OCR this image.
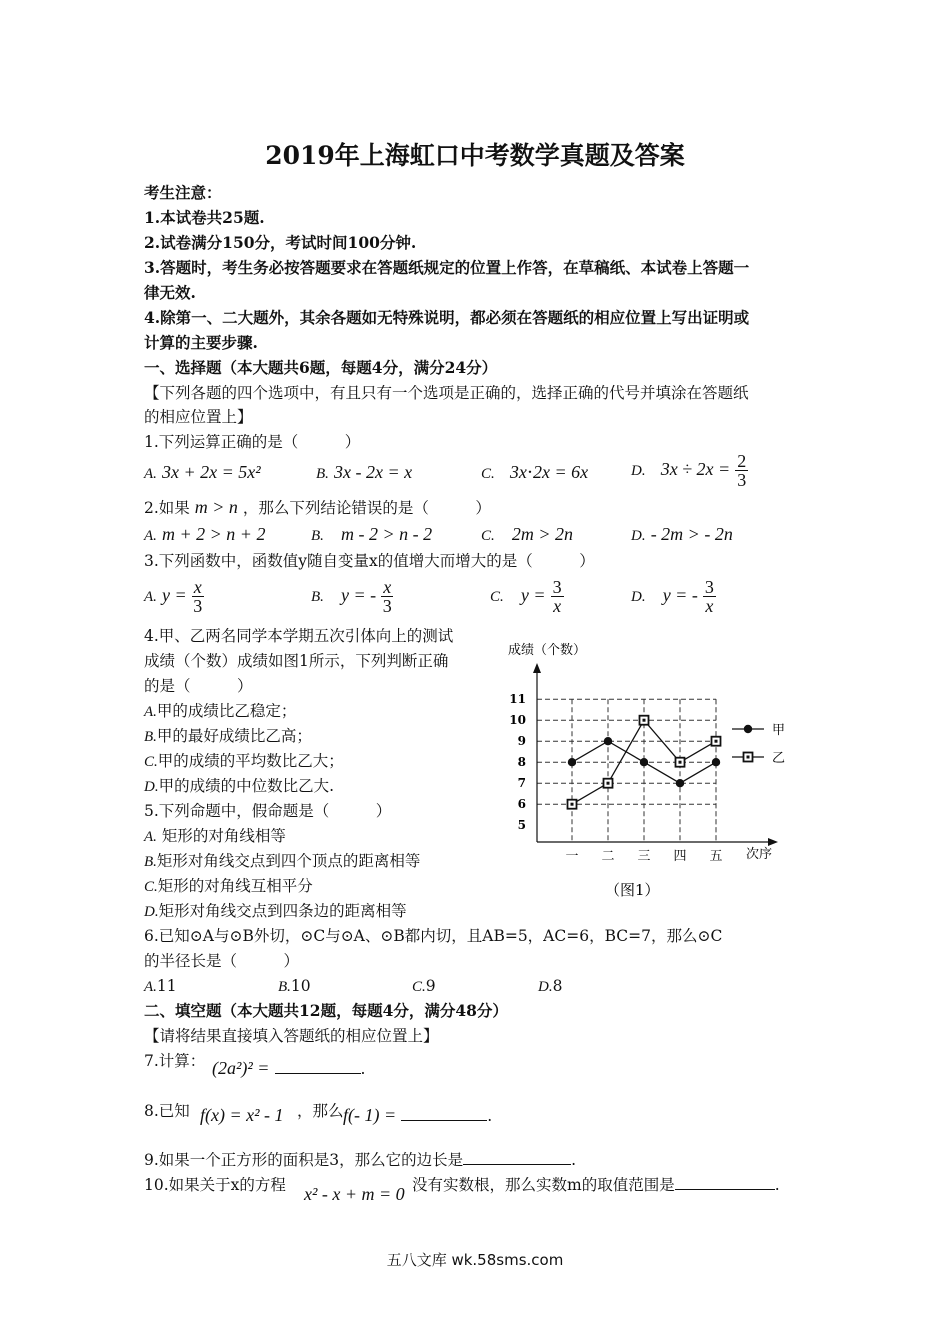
2019年上海虹口中考数学真题及答案
考生注意：
1.本试卷共25题.
2.试卷满分150分，考试时间100分钟.
3.答题时，考生务必按答题要求在答题纸规定的位置上作答，在草稿纸、本试卷上答题一
律无效.
4.除第一、二大题外，其余各题如无特殊说明，都必须在答题纸的相应位置上写出证明或
计算的主要步骤.
一、选择题（本大题共6题，每题4分，满分24分）
【下列各题的四个选项中，有且只有一个选项是正确的，选择正确的代号并填涂在答题纸
的相应位置上】
1.下列运算正确的是（　　　）
A. 3x + 2x = 5x²	B. 3x - 2x = x	C. 3x⋅2x = 6x	D. $3x \div 2x = \frac{2}{3}$
2.如果 m > n ，那么下列结论错误的是（　　　）
A. m + 2 > n + 2	B. m - 2 > n - 2	C. 2m > 2n	D. - 2m > - 2n
3.下列函数中，函数值y随自变量x的值增大而增大的是（　　　）
A. $y = \frac{x}{3}$	B. y = - $\frac{x}{3}$	C. $y = \frac{3}{x}$	D. y = - $\frac{3}{x}$
4.甲、乙两名同学本学期五次引体向上的测试
成绩（个数）成绩如图1所示，下列判断正确
的是（　　　）
A.甲的成绩比乙稳定；
B.甲的最好成绩比乙高；
C.甲的成绩的平均数比乙大；
D.甲的成绩的中位数比乙大.
成绩（个数）
5
6
7
8
9
10
11
一 二 三 四 五 次序
甲
乙
（图1）
5.下列命题中，假命题是（　　　）
A. 矩形的对角线相等
B.矩形对角线交点到四个顶点的距离相等
C.矩形的对角线互相平分
D.矩形对角线交点到四条边的距离相等
6.已知⊙A与⊙B外切，⊙C与⊙A、⊙B都内切，且AB=5，AC=6，BC=7，那么⊙C
的半径长是（　　　）
A.11	B.10	C.9	D.8
二、填空题（本大题共12题，每题4分，满分48分）
【请将结果直接填入答题纸的相应位置上】
7.计算： (2a²)² =	.
8.已知 f(x) = x² - 1 ，那么 f(- 1) =	.
9.如果一个正方形的面积是3，那么它的边长是	.
10.如果关于x的方程 x² - x + m = 0 没有实数根，那么实数m的取值范围是	.
五八文库 wk.58sms.com
